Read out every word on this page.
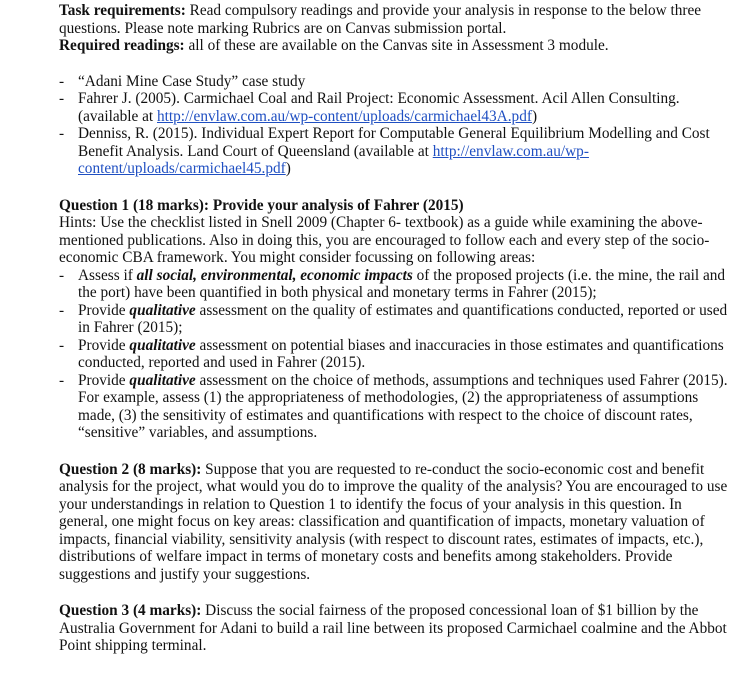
Task requirements: Read compulsory readings and provide your analysis in response to the below three questions. Please note marking Rubrics are on Canvas submission portal.

Required readings: all of these are available on the Canvas site in Assessment 3 module.

- “Adani Mine Case Study” case study
- Fahrer J. (2005). Carmichael Coal and Rail Project: Economic Assessment. Acil Allen Consulting. (available at http://envlaw.com.au/wp-content/uploads/carmichael43A.pdf)
- Denniss, R. (2015). Individual Expert Report for Computable General Equilibrium Modelling and Cost Benefit Analysis. Land Court of Queensland (available at http://envlaw.com.au/wp-content/uploads/carmichael45.pdf)

Question 1 (18 marks): Provide your analysis of Fahrer (2015)

Hints: Use the checklist listed in Snell 2009 (Chapter 6- textbook) as a guide while examining the above-mentioned publications. Also in doing this, you are encouraged to follow each and every step of the socio-economic CBA framework. You might consider focussing on following areas:

- Assess if all social, environmental, economic impacts of the proposed projects (i.e. the mine, the rail and the port) have been quantified in both physical and monetary terms in Fahrer (2015);
- Provide qualitative assessment on the quality of estimates and quantifications conducted, reported or used in Fahrer (2015);
- Provide qualitative assessment on potential biases and inaccuracies in those estimates and quantifications conducted, reported and used in Fahrer (2015).
- Provide qualitative assessment on the choice of methods, assumptions and techniques used Fahrer (2015). For example, assess (1) the appropriateness of methodologies, (2) the appropriateness of assumptions made, (3) the sensitivity of estimates and quantifications with respect to the choice of discount rates, “sensitive” variables, and assumptions.

Question 2 (8 marks): Suppose that you are requested to re-conduct the socio-economic cost and benefit analysis for the project, what would you do to improve the quality of the analysis? You are encouraged to use your understandings in relation to Question 1 to identify the focus of your analysis in this question. In general, one might focus on key areas: classification and quantification of impacts, monetary valuation of impacts, financial viability, sensitivity analysis (with respect to discount rates, estimates of impacts, etc.), distributions of welfare impact in terms of monetary costs and benefits among stakeholders. Provide suggestions and justify your suggestions.

Question 3 (4 marks): Discuss the social fairness of the proposed concessional loan of $1 billion by the Australia Government for Adani to build a rail line between its proposed Carmichael coalmine and the Abbot Point shipping terminal.
